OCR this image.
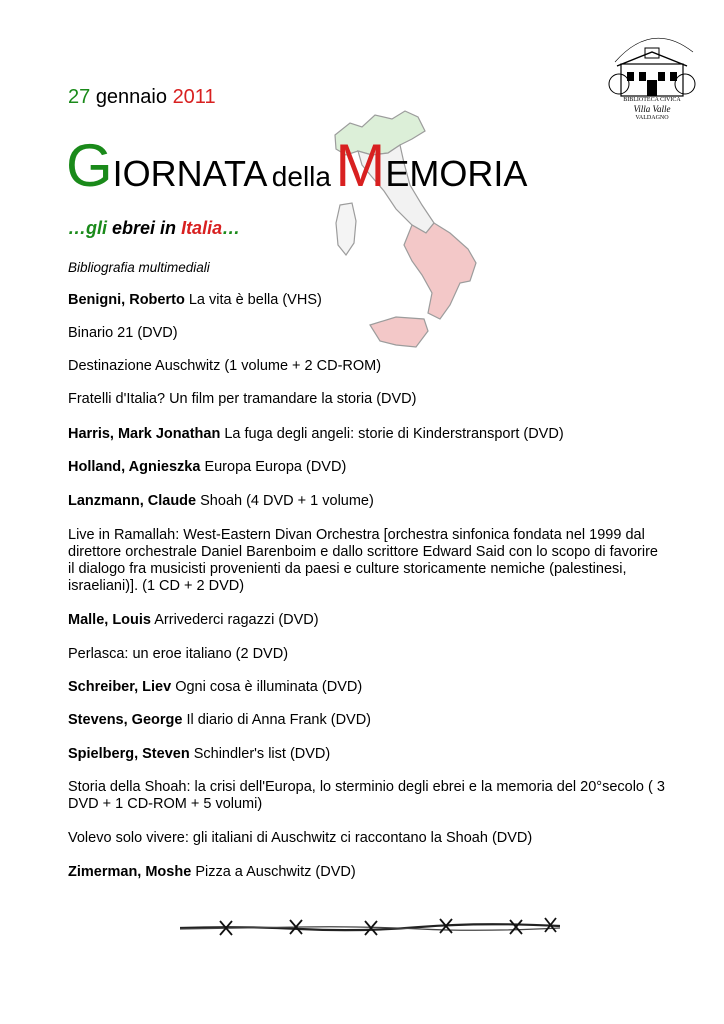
BIBLIOTECA CIVICA
Villa Valle
VALDAGNO
27 gennaio 2011
GIORNATA della MEMORIA
…gli ebrei in Italia…
Bibliografia multimediali
Benigni, Roberto La vita è bella (VHS)
Binario 21 (DVD)
Destinazione Auschwitz (1 volume + 2 CD-ROM)
Fratelli d'Italia? Un film per tramandare la storia (DVD)
Harris, Mark Jonathan La fuga degli angeli: storie di Kinderstransport (DVD)
Holland, Agnieszka Europa Europa (DVD)
Lanzmann, Claude Shoah (4 DVD + 1 volume)
Live in Ramallah: West-Eastern Divan Orchestra [orchestra sinfonica fondata nel 1999 dal direttore orchestrale Daniel Barenboim e dallo scrittore Edward Said con lo scopo di favorire il dialogo fra musicisti provenienti da paesi e culture storicamente nemiche (palestinesi, israeliani)]. (1 CD + 2 DVD)
Malle, Louis Arrivederci ragazzi (DVD)
Perlasca: un eroe italiano (2 DVD)
Schreiber, Liev Ogni cosa è illuminata (DVD)
Stevens, George Il diario di Anna Frank (DVD)
Spielberg, Steven Schindler's list (DVD)
Storia della Shoah: la crisi dell'Europa, lo sterminio degli ebrei e la memoria del 20°secolo ( 3 DVD + 1 CD-ROM + 5 volumi)
Volevo solo vivere: gli italiani di Auschwitz ci raccontano la Shoah (DVD)
Zimerman, Moshe Pizza a Auschwitz (DVD)
